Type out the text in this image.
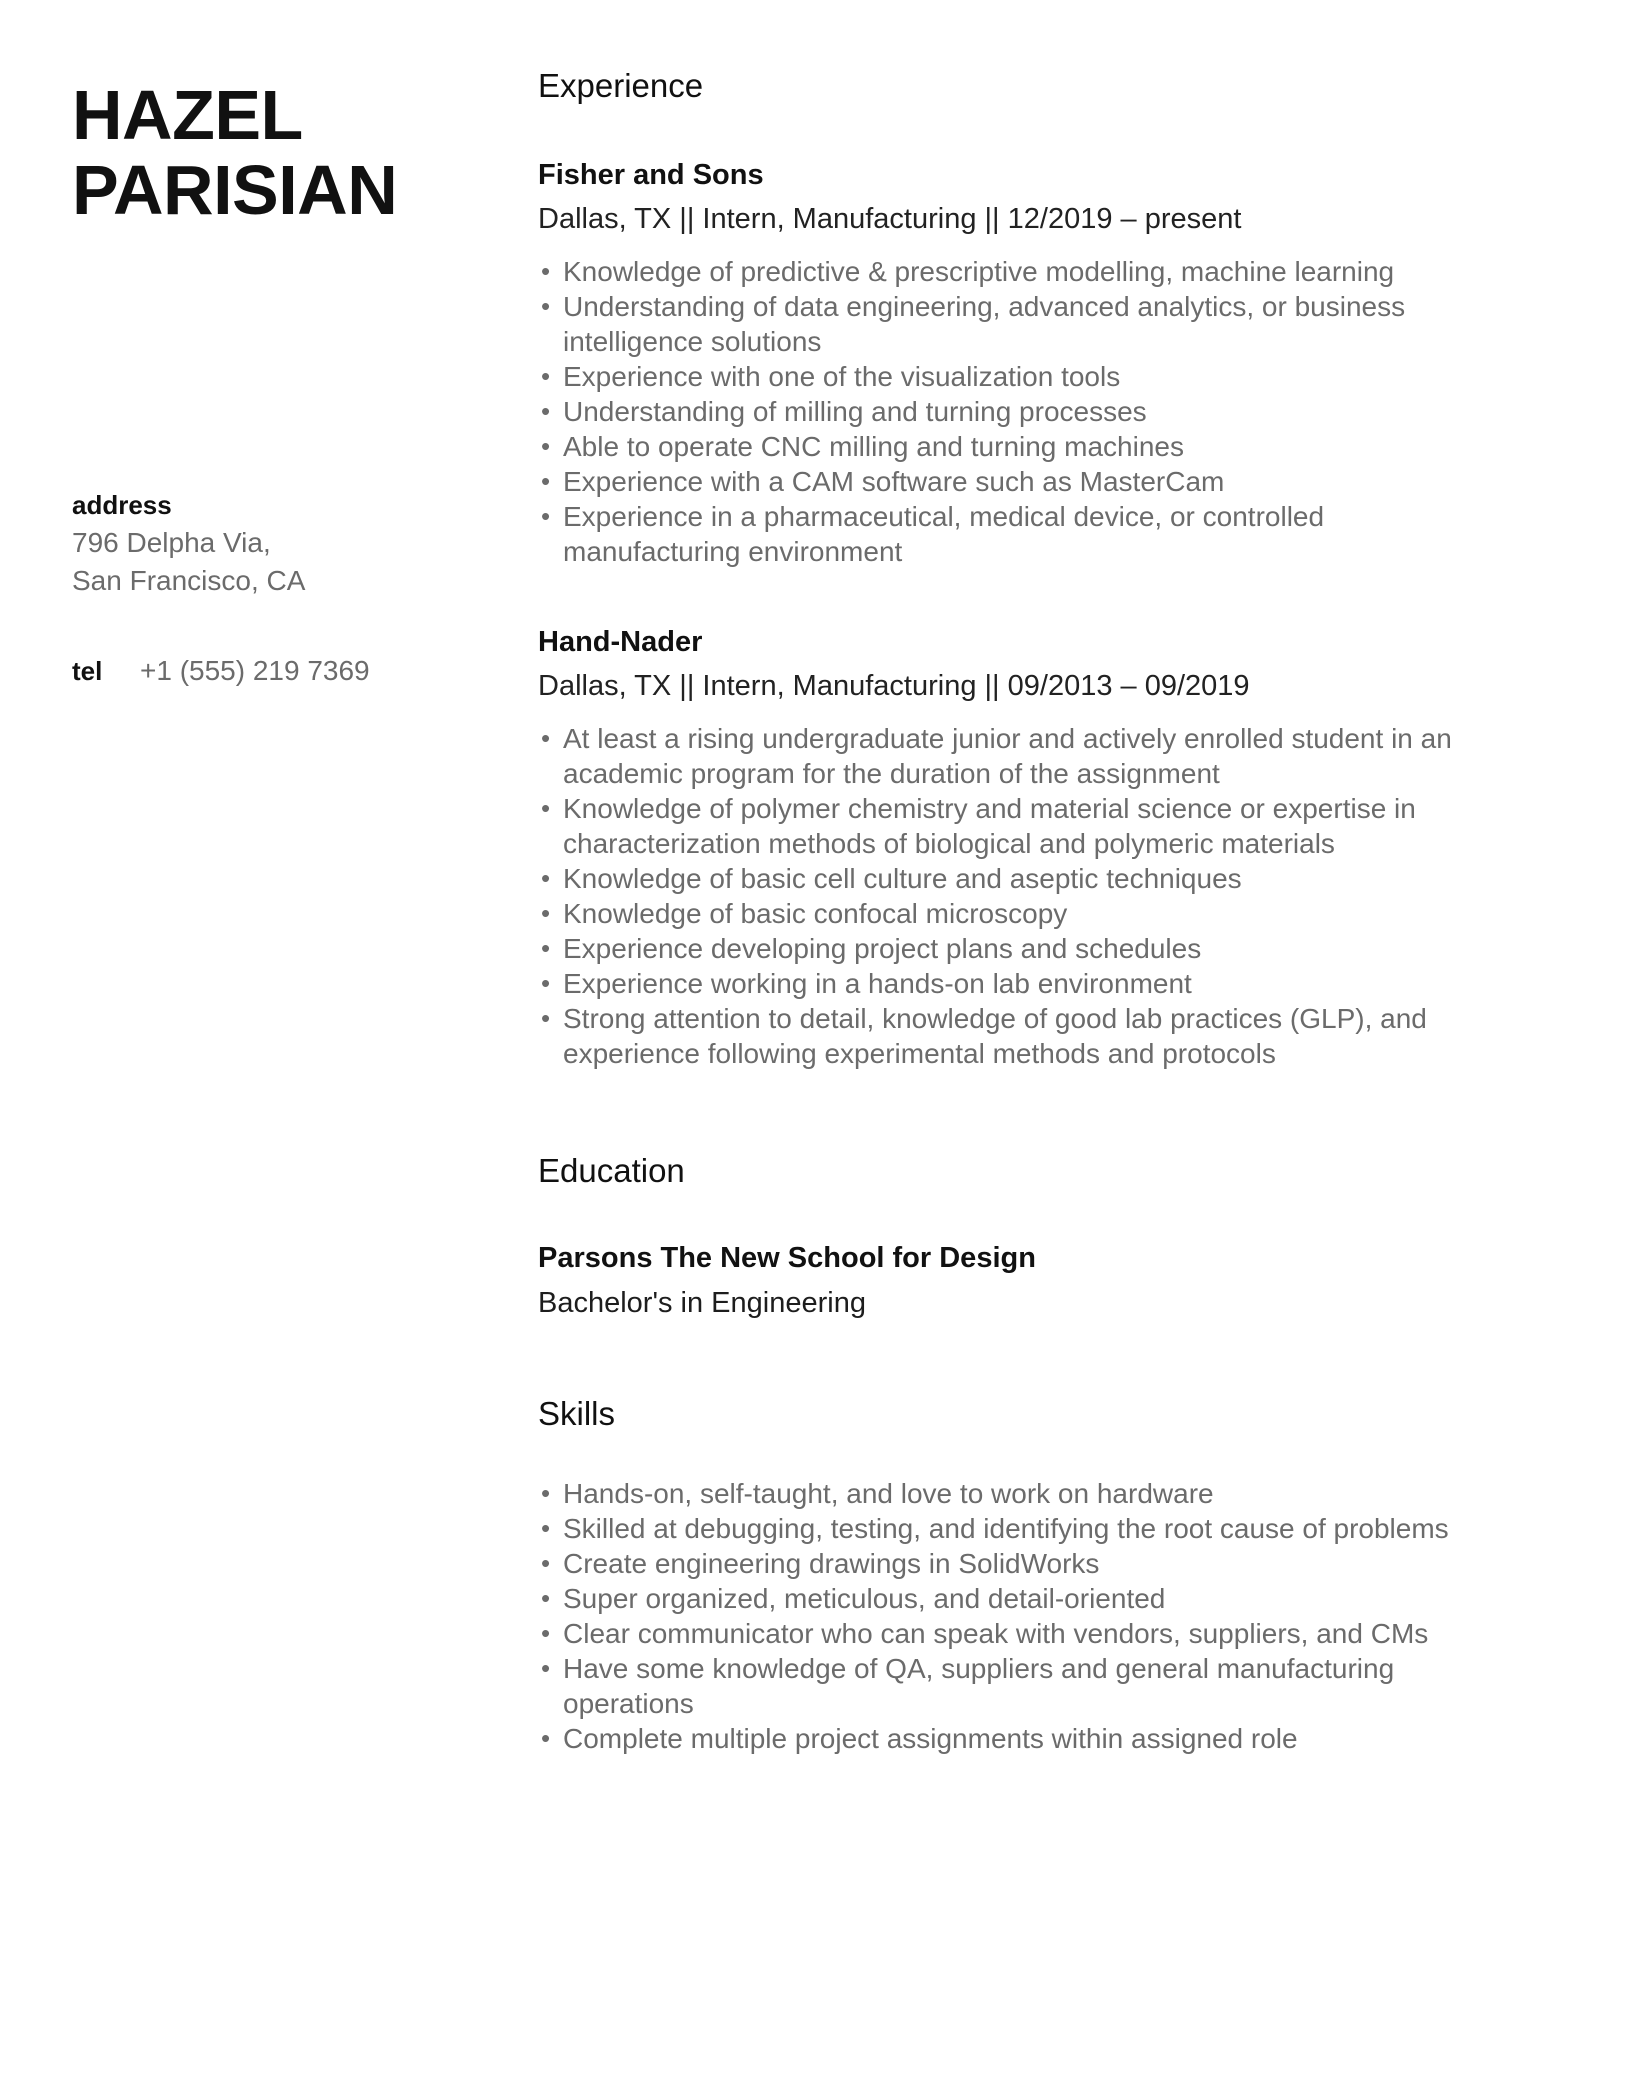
HAZEL
PARISIAN
address
796 Delpha Via,
San Francisco, CA
tel	+1 (555) 219 7369
Experience
Fisher and Sons

Dallas, TX || Intern, Manufacturing || 12/2019 – present

• Knowledge of predictive & prescriptive modelling, machine learning
• Understanding of data engineering, advanced analytics, or business intelligence solutions
• Experience with one of the visualization tools
• Understanding of milling and turning processes
• Able to operate CNC milling and turning machines
• Experience with a CAM software such as MasterCam
• Experience in a pharmaceutical, medical device, or controlled manufacturing environment
Hand-Nader

Dallas, TX || Intern, Manufacturing || 09/2013 – 09/2019

• At least a rising undergraduate junior and actively enrolled student in an academic program for the duration of the assignment
• Knowledge of polymer chemistry and material science or expertise in characterization methods of biological and polymeric materials
• Knowledge of basic cell culture and aseptic techniques
• Knowledge of basic confocal microscopy
• Experience developing project plans and schedules
• Experience working in a hands-on lab environment
• Strong attention to detail, knowledge of good lab practices (GLP), and experience following experimental methods and protocols
Education
Parsons The New School for Design

Bachelor's in Engineering

Skills
• Hands-on, self-taught, and love to work on hardware
• Skilled at debugging, testing, and identifying the root cause of problems
• Create engineering drawings in SolidWorks
• Super organized, meticulous, and detail-oriented
• Clear communicator who can speak with vendors, suppliers, and CMs
• Have some knowledge of QA, suppliers and general manufacturing operations
• Complete multiple project assignments within assigned role
